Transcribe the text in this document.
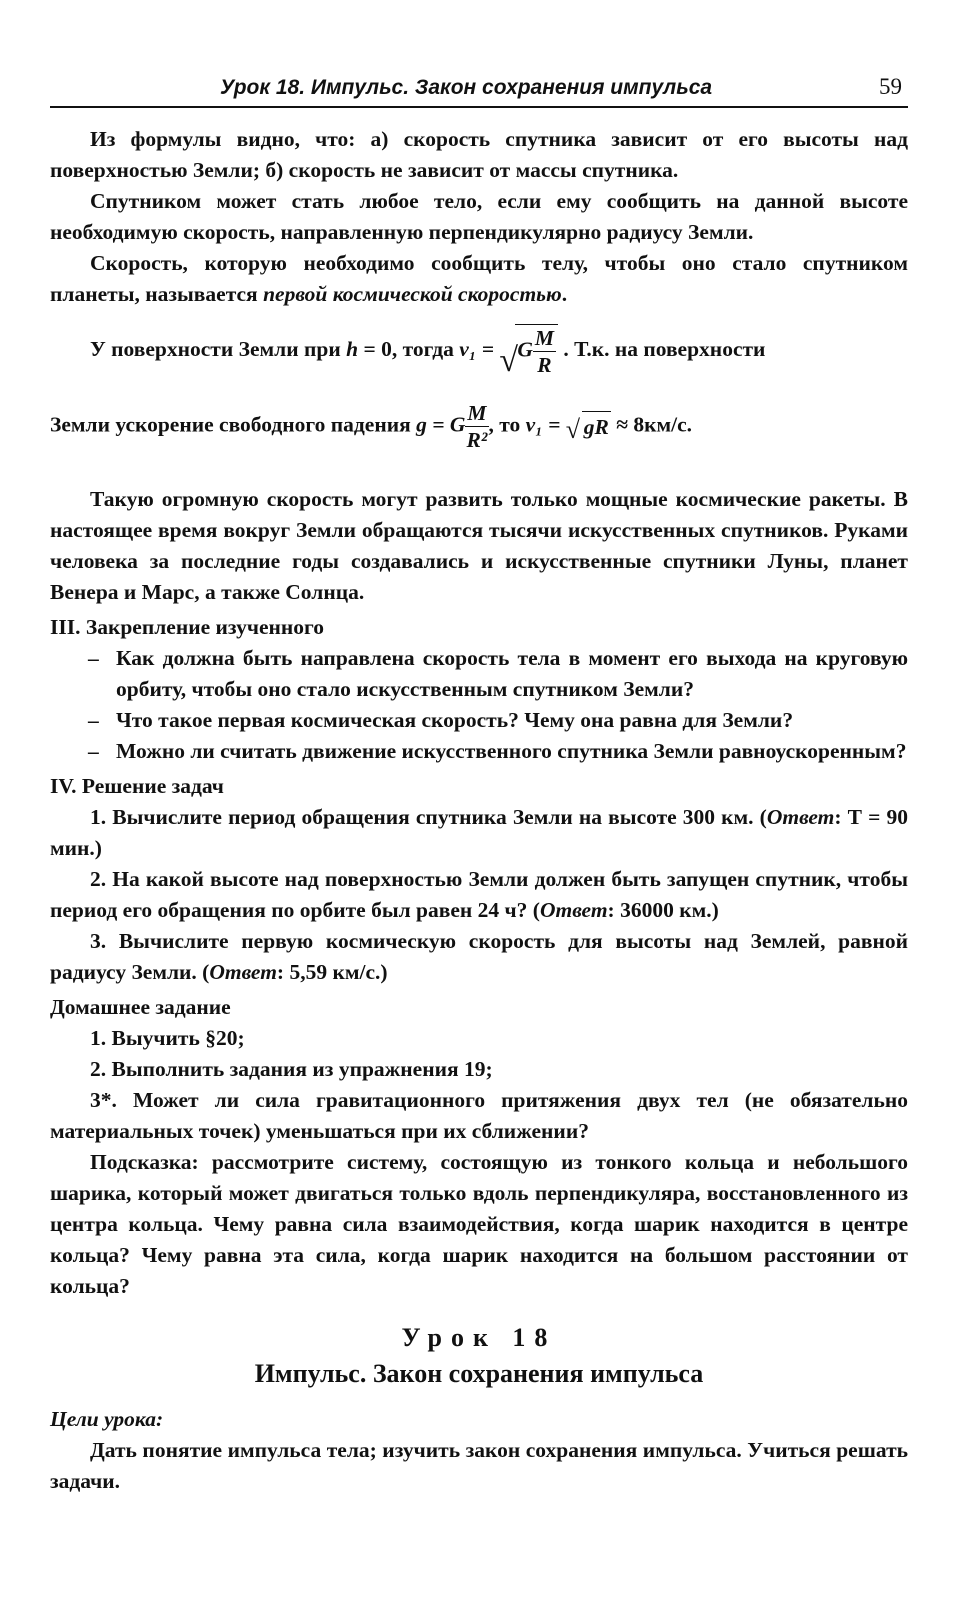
Урок 18. Импульс. Закон сохранения импульса	59

Из формулы видно, что: а) скорость спутника зависит от его высоты над поверхностью Земли; б) скорость не зависит от массы спутника.

Спутником может стать любое тело, если ему сообщить на данной высоте необходимую скорость, направленную перпендикулярно радиусу Земли.

Скорость, которую необходимо сообщить телу, чтобы оно стало спутником планеты, называется первой космической скоростью.

У поверхности Земли при h = 0, тогда v₁ = √ G $\frac{M}{R}$ . Т.к. на поверхности

Земли ускорение свободного падения g = G $\frac{M}{\text{R²}}$ , то v₁ = √ gR ≈ 8км/с.

Такую огромную скорость могут развить только мощные космические ракеты. В настоящее время вокруг Земли обращаются тысячи искусственных спутников. Руками человека за последние годы создавались и искусственные спутники Луны, планет Венера и Марс, а также Солнца.

III. Закрепление изученного

– Как должна быть направлена скорость тела в момент его выхода на круговую орбиту, чтобы оно стало искусственным спутником Земли?
– Что такое первая космическая скорость? Чему она равна для Земли?
– Можно ли считать движение искусственного спутника Земли равноускоренным?

IV. Решение задач

1. Вычислите период обращения спутника Земли на высоте 300 км. (Ответ: Т = 90 мин.)

2. На какой высоте над поверхностью Земли должен быть запущен спутник, чтобы период его обращения по орбите был равен 24 ч? (Ответ: 36000 км.)

3. Вычислите первую космическую скорость для высоты над Землей, равной радиусу Земли. (Ответ: 5,59 км/с.)

Домашнее задание

1. Выучить §20;

2. Выполнить задания из упражнения 19;

3*. Может ли сила гравитационного притяжения двух тел (не обязательно материальных точек) уменьшаться при их сближении?

Подсказка: рассмотрите систему, состоящую из тонкого кольца и небольшого шарика, который может двигаться только вдоль перпендикуляра, восстановленного из центра кольца. Чему равна сила взаимодействия, когда шарик находится в центре кольца? Чему равна эта сила, когда шарик находится на большом расстоянии от кольца?

Урок 18
Импульс. Закон сохранения импульса
Цели урока:

Дать понятие импульса тела; изучить закон сохранения импульса. Учиться решать задачи.
